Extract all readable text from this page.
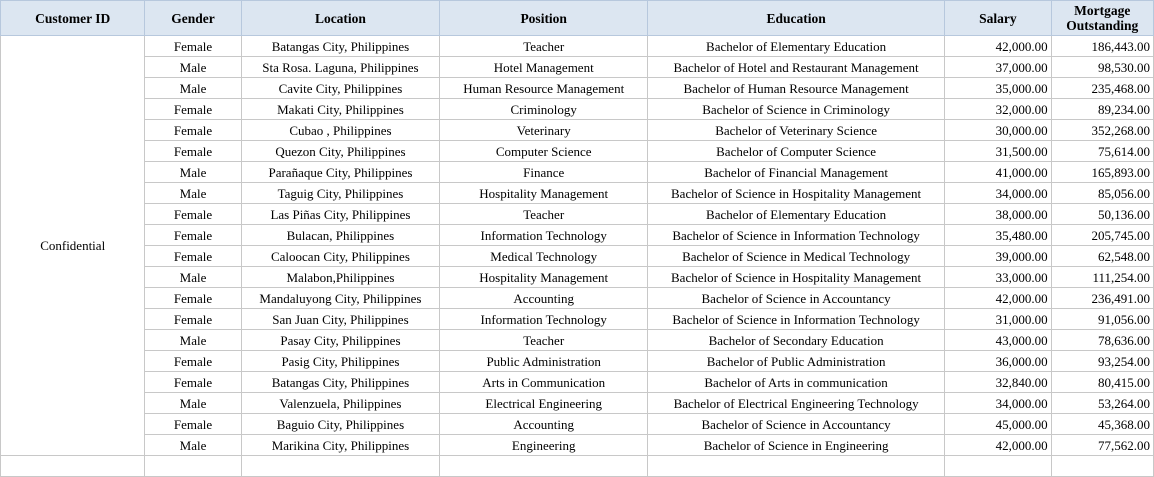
Customer ID	Gender	Location	Position	Education	Salary	Mortgage Outstanding
Confidential	Female	Batangas City, Philippines	Teacher	Bachelor of Elementary Education	42,000.00	186,443.00
	Male	Sta Rosa. Laguna, Philippines	Hotel Management	Bachelor of Hotel and Restaurant Management	37,000.00	98,530.00
	Male	Cavite City, Philippines	Human Resource Management	Bachelor of Human Resource Management	35,000.00	235,468.00
	Female	Makati City, Philippines	Criminology	Bachelor of Science in Criminology	32,000.00	89,234.00
	Female	Cubao , Philippines	Veterinary	Bachelor of Veterinary Science	30,000.00	352,268.00
	Female	Quezon City, Philippines	Computer Science	Bachelor of Computer Science	31,500.00	75,614.00
	Male	Parañaque City, Philippines	Finance	Bachelor of Financial Management	41,000.00	165,893.00
	Male	Taguig City, Philippines	Hospitality Management	Bachelor of Science in Hospitality Management	34,000.00	85,056.00
	Female	Las Piñas City, Philippines	Teacher	Bachelor of Elementary Education	38,000.00	50,136.00
	Female	Bulacan, Philippines	Information Technology	Bachelor of Science in Information Technology	35,480.00	205,745.00
	Female	Caloocan City, Philippines	Medical Technology	Bachelor of Science in Medical Technology	39,000.00	62,548.00
	Male	Malabon,Philippines	Hospitality Management	Bachelor of Science in Hospitality Management	33,000.00	111,254.00
	Female	Mandaluyong City, Philippines	Accounting	Bachelor of Science in Accountancy	42,000.00	236,491.00
	Female	San Juan City, Philippines	Information Technology	Bachelor of Science in Information Technology	31,000.00	91,056.00
	Male	Pasay City, Philippines	Teacher	Bachelor of Secondary Education	43,000.00	78,636.00
	Female	Pasig City, Philippines	Public Administration	Bachelor of Public Administration	36,000.00	93,254.00
	Female	Batangas City, Philippines	Arts in Communication	Bachelor of Arts in communication	32,840.00	80,415.00
	Male	Valenzuela, Philippines	Electrical Engineering	Bachelor of Electrical Engineering Technology	34,000.00	53,264.00
	Female	Baguio City, Philippines	Accounting	Bachelor of Science in Accountancy	45,000.00	45,368.00
	Male	Marikina City, Philippines	Engineering	Bachelor of Science in Engineering	42,000.00	77,562.00
